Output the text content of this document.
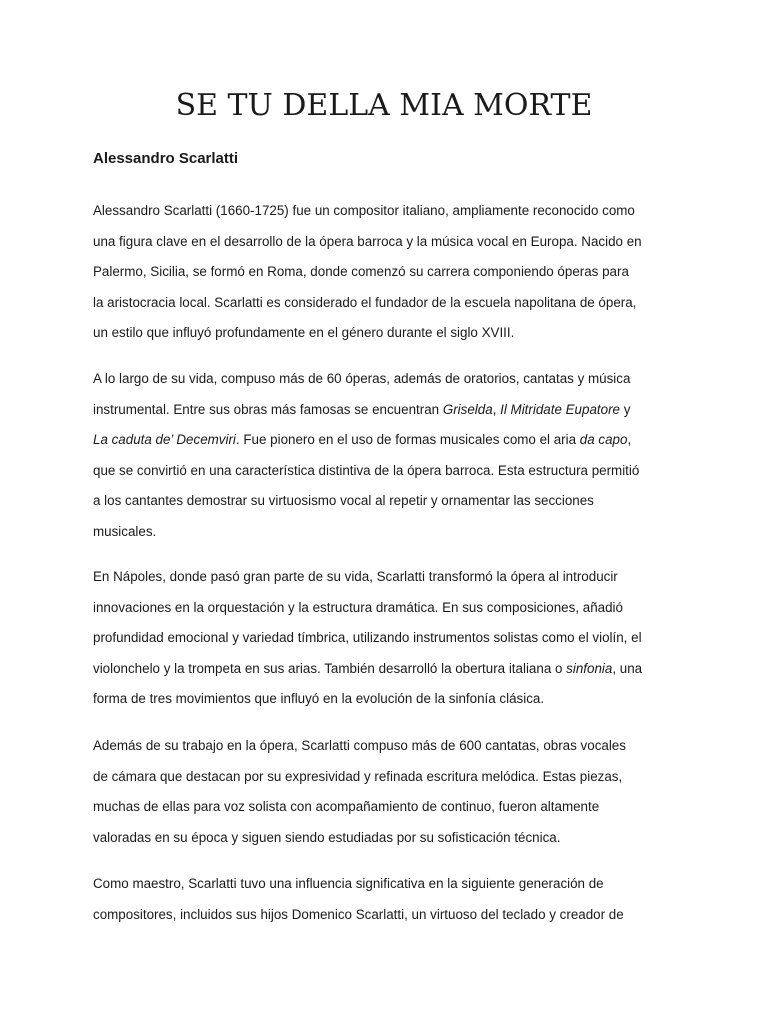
SE TU DELLA MIA MORTE
Alessandro Scarlatti
Alessandro Scarlatti (1660-1725) fue un compositor italiano, ampliamente reconocido como
una figura clave en el desarrollo de la ópera barroca y la música vocal en Europa. Nacido en
Palermo, Sicilia, se formó en Roma, donde comenzó su carrera componiendo óperas para
la aristocracia local. Scarlatti es considerado el fundador de la escuela napolitana de ópera,
un estilo que influyó profundamente en el género durante el siglo XVIII.
A lo largo de su vida, compuso más de 60 óperas, además de oratorios, cantatas y música
instrumental. Entre sus obras más famosas se encuentran Griselda, Il Mitridate Eupatore y
La caduta de’ Decemviri. Fue pionero en el uso de formas musicales como el aria da capo,
que se convirtió en una característica distintiva de la ópera barroca. Esta estructura permitió
a los cantantes demostrar su virtuosismo vocal al repetir y ornamentar las secciones
musicales.
En Nápoles, donde pasó gran parte de su vida, Scarlatti transformó la ópera al introducir
innovaciones en la orquestación y la estructura dramática. En sus composiciones, añadió
profundidad emocional y variedad tímbrica, utilizando instrumentos solistas como el violín, el
violonchelo y la trompeta en sus arias. También desarrolló la obertura italiana o sinfonia, una
forma de tres movimientos que influyó en la evolución de la sinfonía clásica.
Además de su trabajo en la ópera, Scarlatti compuso más de 600 cantatas, obras vocales
de cámara que destacan por su expresividad y refinada escritura melódica. Estas piezas,
muchas de ellas para voz solista con acompañamiento de continuo, fueron altamente
valoradas en su época y siguen siendo estudiadas por su sofisticación técnica.
Como maestro, Scarlatti tuvo una influencia significativa en la siguiente generación de
compositores, incluidos sus hijos Domenico Scarlatti, un virtuoso del teclado y creador de
